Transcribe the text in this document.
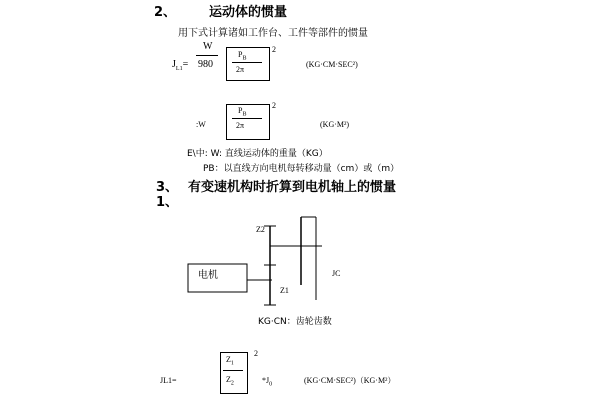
2、	运动体的惯量
用下式计算诸如工作台、工件等部件的惯量
$J_{L1}=$
W
980
$P_B$
2π
2
(KG·CM·SEC²)
:W
$P_B$
2π
2
(KG·M²)
E\中: W: 直线运动体的重量（KG）
PB：以直线方向电机每转移动量（cm）或（m）
3、 有变速机构时折算到电机轴上的惯量
1、
电机
Z2
Z1
JC
KG·CN：齿轮齿数
JL1=
$Z_1$
$Z_2$
2
$*J_0$	(KG·CM·SEC²)（KG·M²）
